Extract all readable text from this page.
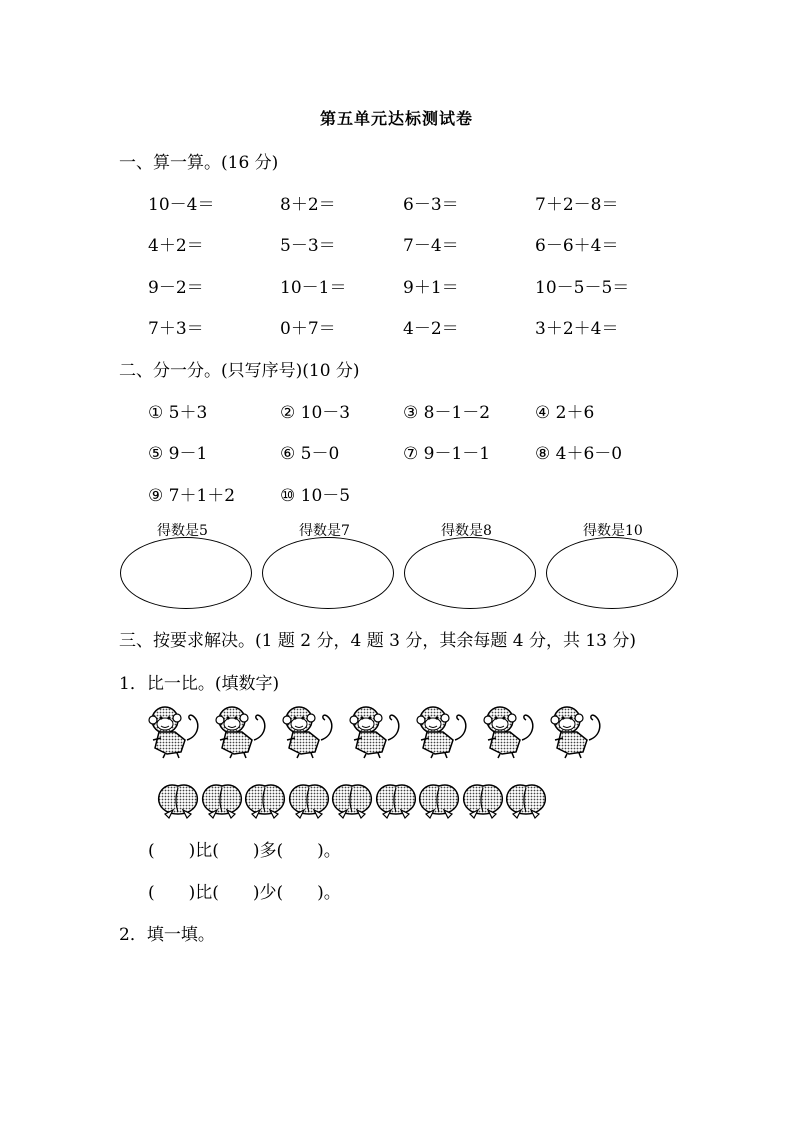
第五单元达标测试卷
一、算一算。(16 分)
10－4＝	8＋2＝	6－3＝	7＋2－8＝
4＋2＝	5－3＝	7－4＝	6－6＋4＝
9－2＝	10－1＝	9＋1＝	10－5－5＝
7＋3＝	0＋7＝	4－2＝	3＋2＋4＝
二、分一分。(只写序号)(10 分)
① 5＋3	② 10－3	③ 8－1－2	④ 2＋6
⑤ 9－1	⑥ 5－0	⑦ 9－1－1	⑧ 4＋6－0
⑨ 7＋1＋2	⑩ 10－5
得数是5	得数是7	得数是8	得数是10
三、按要求解决。(1 题 2 分，4 题 3 分，其余每题 4 分，共 13 分)
1．比一比。(填数字)
(　　)比(　　)多(　　)。
(　　)比(　　)少(　　)。
2．填一填。
